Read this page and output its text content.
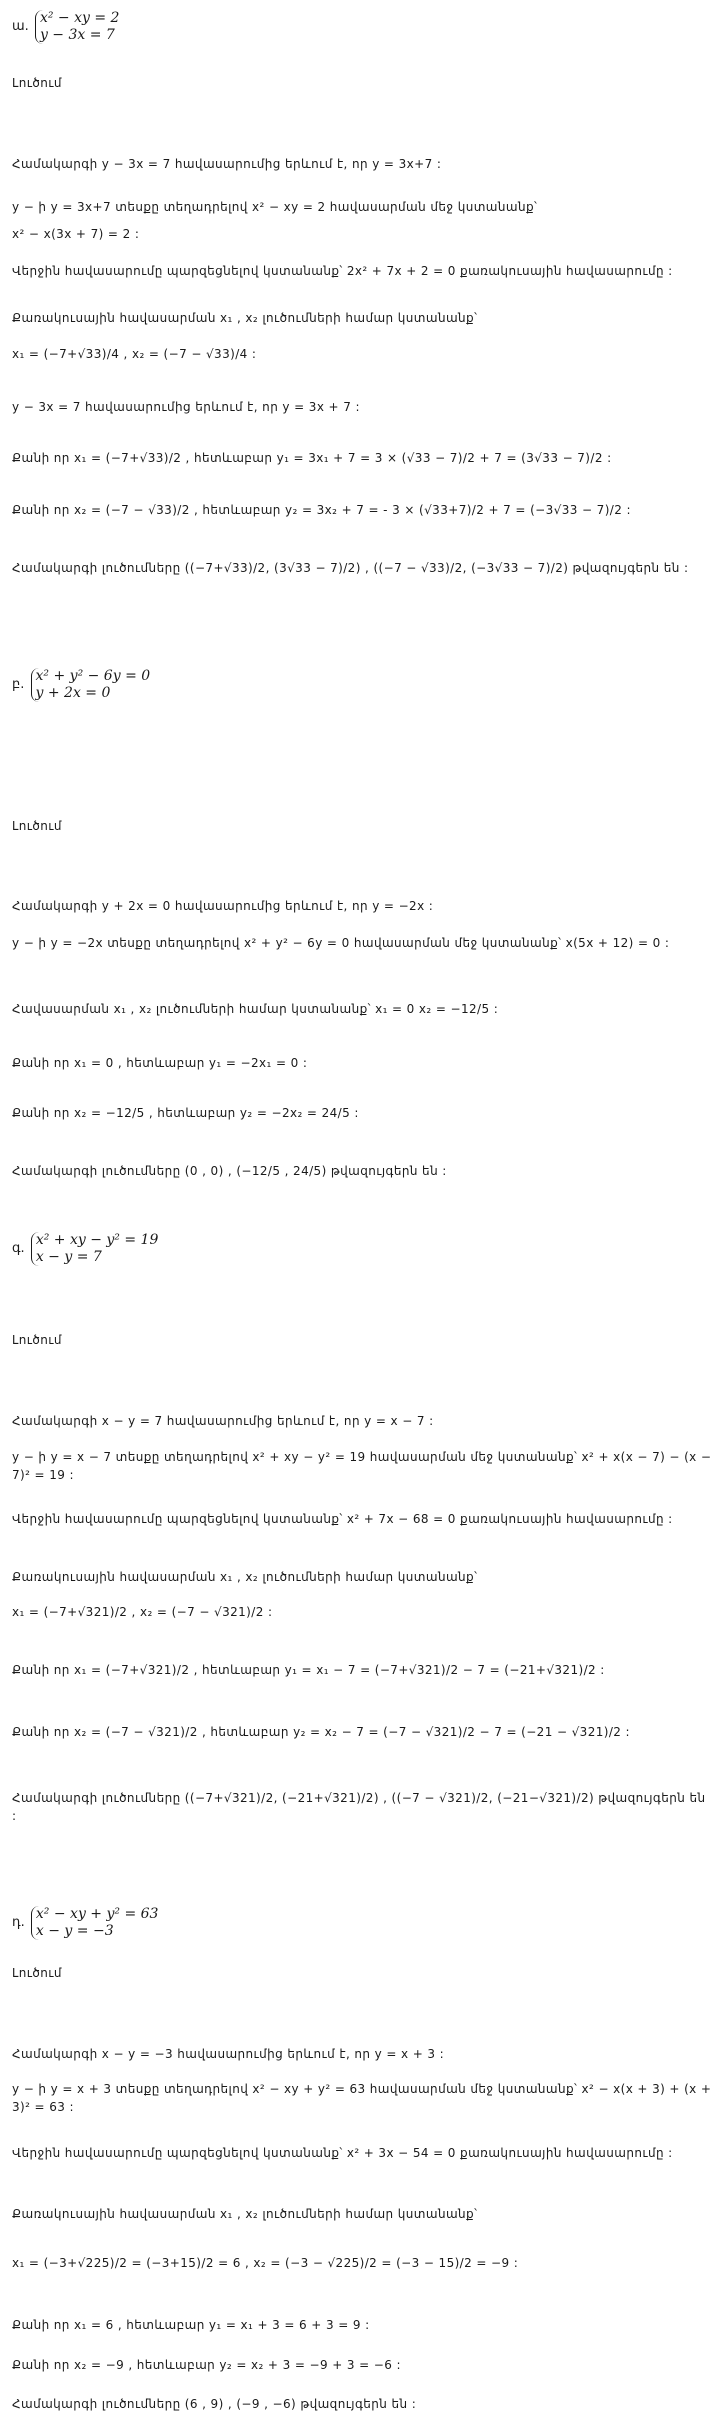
ա.
x² − xy = 2
y − 3x = 7
Լուծում
Համակարգի y − 3x = 7 հավասարումից երևում է, որ y = 3x+7 :
y − ի y = 3x+7 տեսքը տեղադրելով x² − xy = 2 հավասարման մեջ կստանանք՝
x² − x(3x + 7) = 2 :
Վերջին հավասարումը պարզեցնելով կստանանք՝ 2x² + 7x + 2 = 0 քառակուսային հավասարումը :
Քառակուսային հավասարման x₁ , x₂ լուծումների համար կստանանք՝
x₁ = (−7+√33)/4 , x₂ = (−7 − √33)/4 :
y − 3x = 7 հավասարումից երևում է, որ y = 3x + 7 :
Քանի որ x₁ = (−7+√33)/2 , հետևաբար y₁ = 3x₁ + 7 = 3 × (√33 − 7)/2 + 7 = (3√33 − 7)/2 :
Քանի որ x₂ = (−7 − √33)/2 , հետևաբար y₂ = 3x₂ + 7 = - 3 × (√33+7)/2 + 7 = (−3√33 − 7)/2 :
Համակարգի լուծումները ((−7+√33)/2, (3√33 − 7)/2) , ((−7 − √33)/2, (−3√33 − 7)/2) թվազույգերն են :
բ.
x² + y² − 6y = 0
y + 2x = 0
Լուծում
Համակարգի y + 2x = 0 հավասարումից երևում է, որ y = −2x :
y − ի y = −2x տեսքը տեղադրելով x² + y² − 6y = 0 հավասարման մեջ կստանանք՝ x(5x + 12) = 0 :
Հավասարման x₁ , x₂ լուծումների համար կստանանք՝ x₁ = 0 x₂ = −12/5 :
Քանի որ x₁ = 0 , հետևաբար y₁ = −2x₁ = 0 :
Քանի որ x₂ = −12/5 , հետևաբար y₂ = −2x₂ = 24/5 :
Համակարգի լուծումները (0 , 0) , (−12/5 , 24/5) թվազույգերն են :
գ.
x² + xy − y² = 19
x − y = 7
Լուծում
Համակարգի x − y = 7 հավասարումից երևում է, որ y = x − 7 :
y − ի y = x − 7 տեսքը տեղադրելով x² + xy − y² = 19 հավասարման մեջ կստանանք՝ x² + x(x − 7) − (x − 7)² = 19 :
Վերջին հավասարումը պարզեցնելով կստանանք՝ x² + 7x − 68 = 0 քառակուսային հավասարումը :
Քառակուսային հավասարման x₁ , x₂ լուծումների համար կստանանք՝
x₁ = (−7+√321)/2 , x₂ = (−7 − √321)/2 :
Քանի որ x₁ = (−7+√321)/2 , հետևաբար y₁ = x₁ − 7 = (−7+√321)/2 − 7 = (−21+√321)/2 :
Քանի որ x₂ = (−7 − √321)/2 , հետևաբար y₂ = x₂ − 7 = (−7 − √321)/2 − 7 = (−21 − √321)/2 :
Համակարգի լուծումները ((−7+√321)/2, (−21+√321)/2) , ((−7 − √321)/2, (−21−√321)/2) թվազույգերն են :
դ.
x² − xy + y² = 63
x − y = −3
Լուծում
Համակարգի x − y = −3 հավասարումից երևում է, որ y = x + 3 :
y − ի y = x + 3 տեսքը տեղադրելով x² − xy + y² = 63 հավասարման մեջ կստանանք՝ x² − x(x + 3) + (x + 3)² = 63 :
Վերջին հավասարումը պարզեցնելով կստանանք՝ x² + 3x − 54 = 0 քառակուսային հավասարումը :
Քառակուսային հավասարման x₁ , x₂ լուծումների համար կստանանք՝
x₁ = (−3+√225)/2 = (−3+15)/2 = 6 , x₂ = (−3 − √225)/2 = (−3 − 15)/2 = −9 :
Քանի որ x₁ = 6 , հետևաբար y₁ = x₁ + 3 = 6 + 3 = 9 :
Քանի որ x₂ = −9 , հետևաբար y₂ = x₂ + 3 = −9 + 3 = −6 :
Համակարգի լուծումները (6 , 9) , (−9 , −6) թվազույգերն են :
